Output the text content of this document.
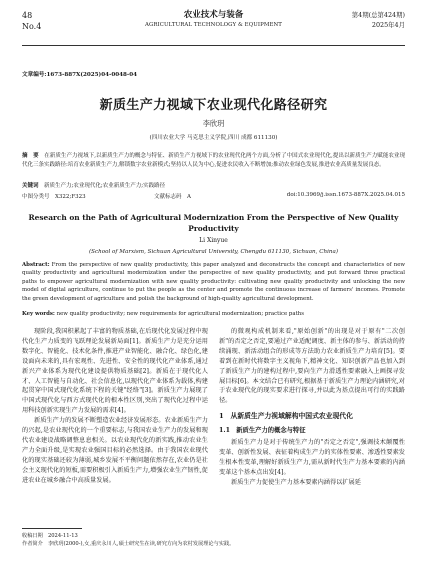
48
No.4
农业技术与装备
AGRICULTURAL TECHNOLOGY & EQUIPMENT
第4期(总第424期)
2025年4月
文章编号:1673-887X(2025)04-0048-04
新质生产力视域下农业现代化路径研究
李欣玥
(四川农业大学 马克思主义学院,四川 成都 611130)
摘　要　 在新质生产力视域下,以新质生产力的概念与特征、新质生产力视域下的农业现代化两个方面,分析了中国式农业现代化,提出以新质生产力赋能农业现代化三条实践路径:培育农业新质生产力,解锁数字农业新模式;坚持以人民为中心,促进农民收入不断增加;推动农业绿色发展,推进农业高质量发展良态。
关键词　 新质生产力;农业现代化;农业新质生产力;实践路径
中图分类号　X322;F323	文献标志码　A	doi:10.3969/j.issn.1673-887X.2025.04.015
Research on the Path of Agricultural Modernization From the Perspective of New Quality Productivity
Li Xinyue
(School of Marxism, Sichuan Agricultural University, Chengdu 611130, Sichuan, China)
Abstract: From the perspective of new quality productivity, this paper analyzed and deconstructs the concept and characteristics of new quality productivity and agricultural modernization under the perspective of new quality productivity, and put forward three practical paths to empower agricultural modernization with new quality productivity: cultivating new quality productivity and unlocking the new model of digital agriculture, continue to put the people as the center and promote the continuous increase of farmers' incomes. Promote the green development of agriculture and polish the background of high-quality agricultural development.
Key words: new quality productivity; new requirements for agricultural modernization; practice paths

现阶段,我国积累起了丰富的物质基础,在后现代化发展过程中现代化生产力质变的飞跃理论发展新局面[1]。新质生产力是充分运用数字化、智能化、技术化条件,推进产业智能化、融合化、绿色化,建设面向未来的,具有宏观性、先进性、安全性的现代化产业体系,通过新兴产业体系为现代化建设提供物质基础[2]。新质在于现代化人才、人工智能与自动化、社会信息化,以现代化产业体系为载体,构建起贯穿中国式现代化系统下程的关键"经络"[3]。新质生产力展现了中国式现代化与西方式现代化的根本性区别,突出了现代化过程中运用科技创新实现生产力发展的需求[4]。

新质生产力的发展不断塑造农业经济发展形态。农业新质生产力的兴起,是农业现代化的一个重要标志,与我国农业生产力的发展和现代农业建设战略调整息息相关。以农业现代化的新实践,推动农业生产力全面升级,是实现农业强国目标的必然选择。由于我国农业现代化的现实基础还较为薄弱,城乡发展不平衡问题依然存在,农业仍是社会主义现代化的短板,需要积极引入新质生产力,增强农业生产韧性,促进农业在城乡融合中高质量发展。

的微观构成机制来看,"原始创新"的出现是对于原有"二次创新"的否定之否定,要通过产业适配调度、新主体的参与、新活动的持续涌现、新活动组合的形成等方法助力农业新质生产力培育[5]。要着到在新时代将数字主义视角下,精神文化、知识创新产品也加入到了新质生产力的建构过程中,要向生产力滑透性要素融入上画探寻发展目标[6]。本文结合已有研究,根据基于新质生产力理论内涵研究,对于农业现代化的现实要求进行探寻,并以此为基点提出可行的实践路径。

1　从新质生产力视域解构中国式农业现代化

1.1　新质生产力的概念与特征

新质生产力是对于传统生产力的"否定之否定",强调技术颠覆性变革、创新性发展、表征着构成生产力的实体性要素、渗透性要素发生根本性变革,理解好新质生产力,需从新时代生产力基本要素的内涵变革这个基本点出发[4]。

新质生产力促使生产力基本要素内涵得以扩展延

收稿日期　2024-11-13
作者简介　李欣玥(2000-),女,重庆永川人,硕士研究生在读,研究方向为农村发展理论与实践。
